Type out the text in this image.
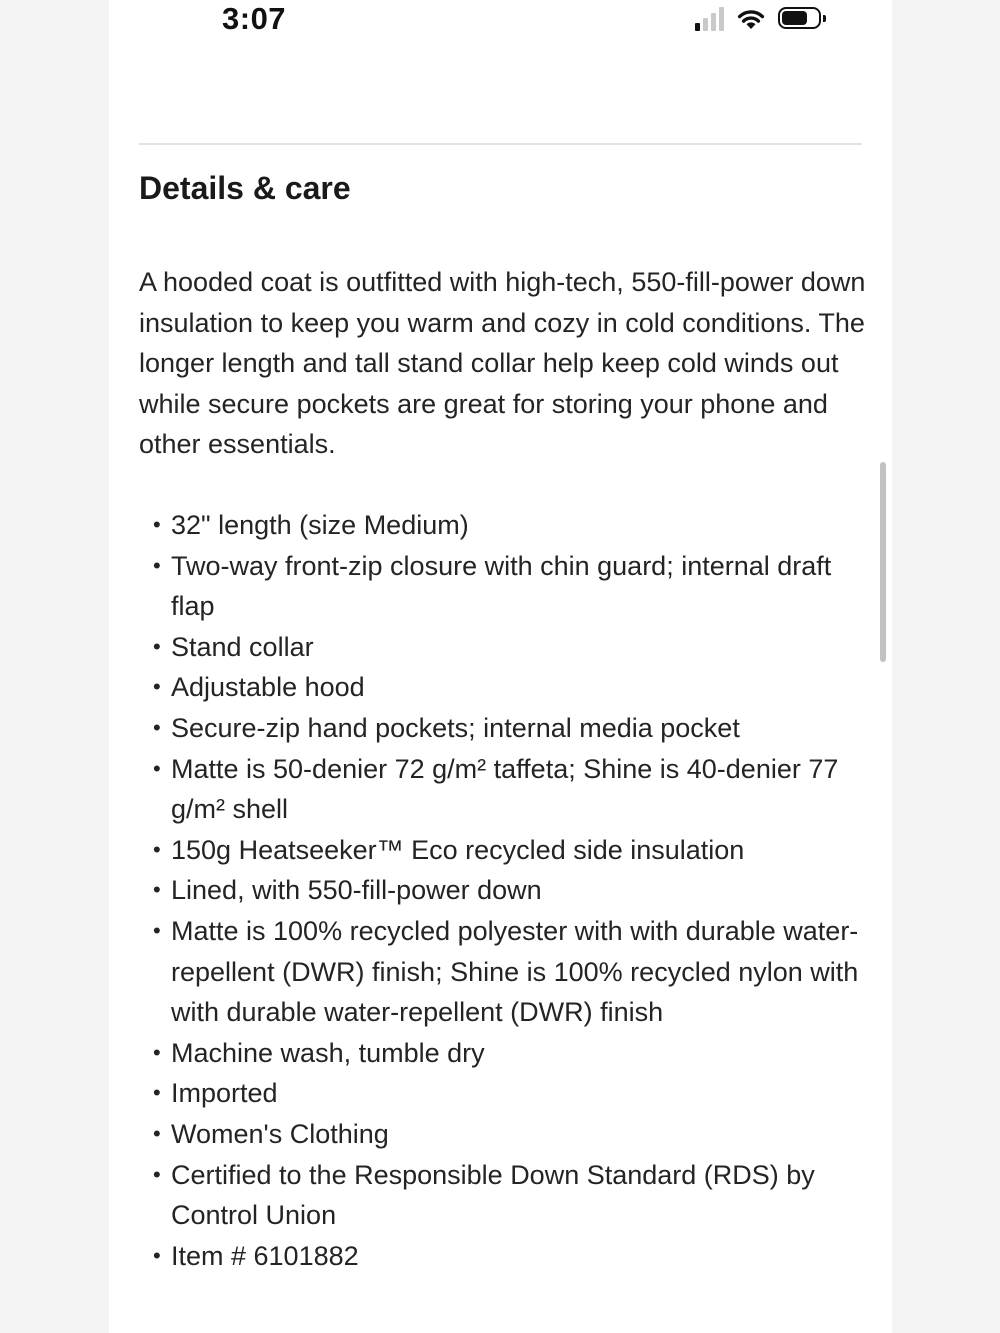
3:07
Details & care

A hooded coat is outfitted with high-tech, 550-fill-power down insulation to keep you warm and cozy in cold conditions. The longer length and tall stand collar help keep cold winds out while secure pockets are great for storing your phone and other essentials.

• 32" length (size Medium)
• Two-way front-zip closure with chin guard; internal draft flap
• Stand collar
• Adjustable hood
• Secure-zip hand pockets; internal media pocket
• Matte is 50-denier 72 g/m² taffeta; Shine is 40-denier 77 g/m² shell
• 150g Heatseeker™ Eco recycled side insulation
• Lined, with 550-fill-power down
• Matte is 100% recycled polyester with with durable water-repellent (DWR) finish; Shine is 100% recycled nylon with with durable water-repellent (DWR) finish
• Machine wash, tumble dry
• Imported
• Women's Clothing
• Certified to the Responsible Down Standard (RDS) by Control Union
• Item # 6101882
